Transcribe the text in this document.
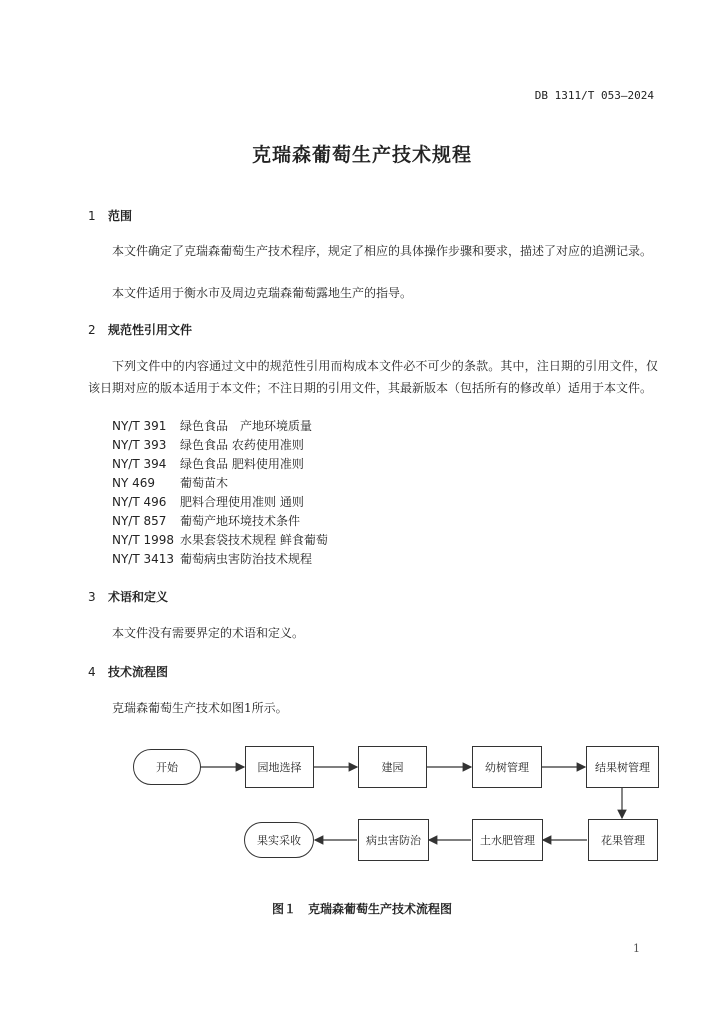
DB 1311/T 053—2024
克瑞森葡萄生产技术规程
1 范围
本文件确定了克瑞森葡萄生产技术程序，规定了相应的具体操作步骤和要求，描述了对应的追溯记录。
本文件适用于衡水市及周边克瑞森葡萄露地生产的指导。
2 规范性引用文件
下列文件中的内容通过文中的规范性引用而构成本文件必不可少的条款。其中，注日期的引用文件，仅该日期对应的版本适用于本文件；不注日期的引用文件，其最新版本（包括所有的修改单）适用于本文件。
NY/T 391 绿色食品　产地环境质量
NY/T 393 绿色食品 农药使用准则
NY/T 394 绿色食品 肥料使用准则
NY 469 葡萄苗木
NY/T 496 肥料合理使用准则 通则
NY/T 857 葡萄产地环境技术条件
NY/T 1998 水果套袋技术规程 鲜食葡萄
NY/T 3413 葡萄病虫害防治技术规程
3 术语和定义
本文件没有需要界定的术语和定义。
4 技术流程图
克瑞森葡萄生产技术如图1所示。
开始	园地选择	建园	幼树管理	结果树管理
果实采收	病虫害防治	土水肥管理	花果管理
图１　克瑞森葡萄生产技术流程图
1
